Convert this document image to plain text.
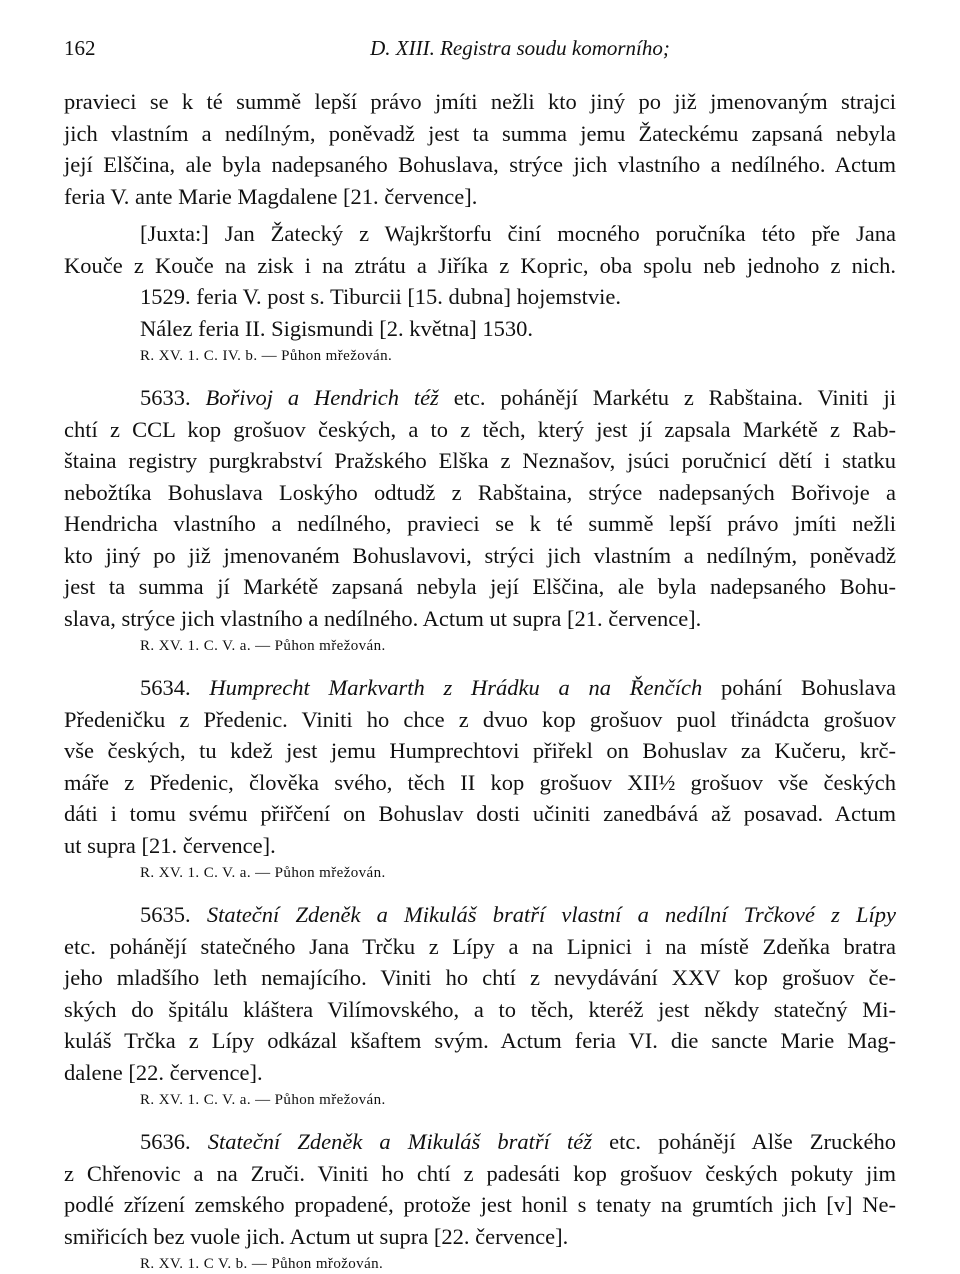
162	D. XIII. Registra soudu komorního;

pravieci se k té summě lepší právo jmíti nežli kto jiný po již jmenovaným strajci

jich vlastním a nedílným, poněvadž jest ta summa jemu Žateckému zapsaná nebyla

její Elščina, ale byla nadepsaného Bohuslava, strýce jich vlastního a nedílného. Actum

feria V. ante Marie Magdalene [21. července].

[Juxta:] Jan Žatecký z Wajkrštorfu činí mocného poručníka této pře Jana

Kouče z Kouče na zisk i na ztrátu a Jiříka z Kopric, oba spolu neb jednoho z nich.

1529. feria V. post s. Tiburcii [15. dubna] hojemstvie.

Nález feria II. Sigismundi [2. května] 1530.

R. XV. 1. C. IV. b. — Půhon mřežován.

5633. Bořivoj a Hendrich též etc. pohánějí Markétu z Rabštaina. Viniti ji

chtí z CCL kop grošuov českých, a to z těch, který jest jí zapsala Markétě z Rab-

štaina registry purgkrabství Pražského Elška z Neznašov, jsúci poručnicí dětí i statku

nebožtíka Bohuslava Loskýho odtudž z Rabštaina, strýce nadepsaných Bořivoje a

Hendricha vlastního a nedílného, pravieci se k té summě lepší právo jmíti nežli

kto jiný po již jmenovaném Bohuslavovi, strýci jich vlastním a nedílným, poněvadž

jest ta summa jí Markétě zapsaná nebyla její Elščina, ale byla nadepsaného Bohu-

slava, strýce jich vlastního a nedílného. Actum ut supra [21. července].

R. XV. 1. C. V. a. — Půhon mřežován.

5634. Humprecht Markvarth z Hrádku a na Řenčích pohání Bohuslava

Předeničku z Předenic. Viniti ho chce z dvuo kop grošuov puol třinádcta grošuov

vše českých, tu kdež jest jemu Humprechtovi přiřekl on Bohuslav za Kučeru, krč-

máře z Předenic, člověka svého, těch II kop grošuov XII½ grošuov vše českých

dáti i tomu svému přiřčení on Bohuslav dosti učiniti zanedbává až posavad. Actum

ut supra [21. července].

R. XV. 1. C. V. a. — Půhon mřežován.

5635. Stateční Zdeněk a Mikuláš bratří vlastní a nedílní Trčkové z Lípy

etc. pohánějí statečného Jana Trčku z Lípy a na Lipnici i na místě Zdeňka bratra

jeho mladšího leth nemajícího. Viniti ho chtí z nevydávání XXV kop grošuov če-

ských do špitálu kláštera Vilímovského, a to těch, kteréž jest někdy statečný Mi-

kuláš Trčka z Lípy odkázal kšaftem svým. Actum feria VI. die sancte Marie Mag-

dalene [22. července].

R. XV. 1. C. V. a. — Půhon mřežován.

5636. Stateční Zdeněk a Mikuláš bratří též etc. pohánějí Alše Zruckého

z Chřenovic a na Zruči. Viniti ho chtí z padesáti kop grošuov českých pokuty jim

podlé zřízení zemského propadené, protože jest honil s tenaty na grumtích jich [v] Ne-

smiřicích bez vuole jich. Actum ut supra [22. července].

R. XV. 1. C V. b. — Půhon mřožován.
